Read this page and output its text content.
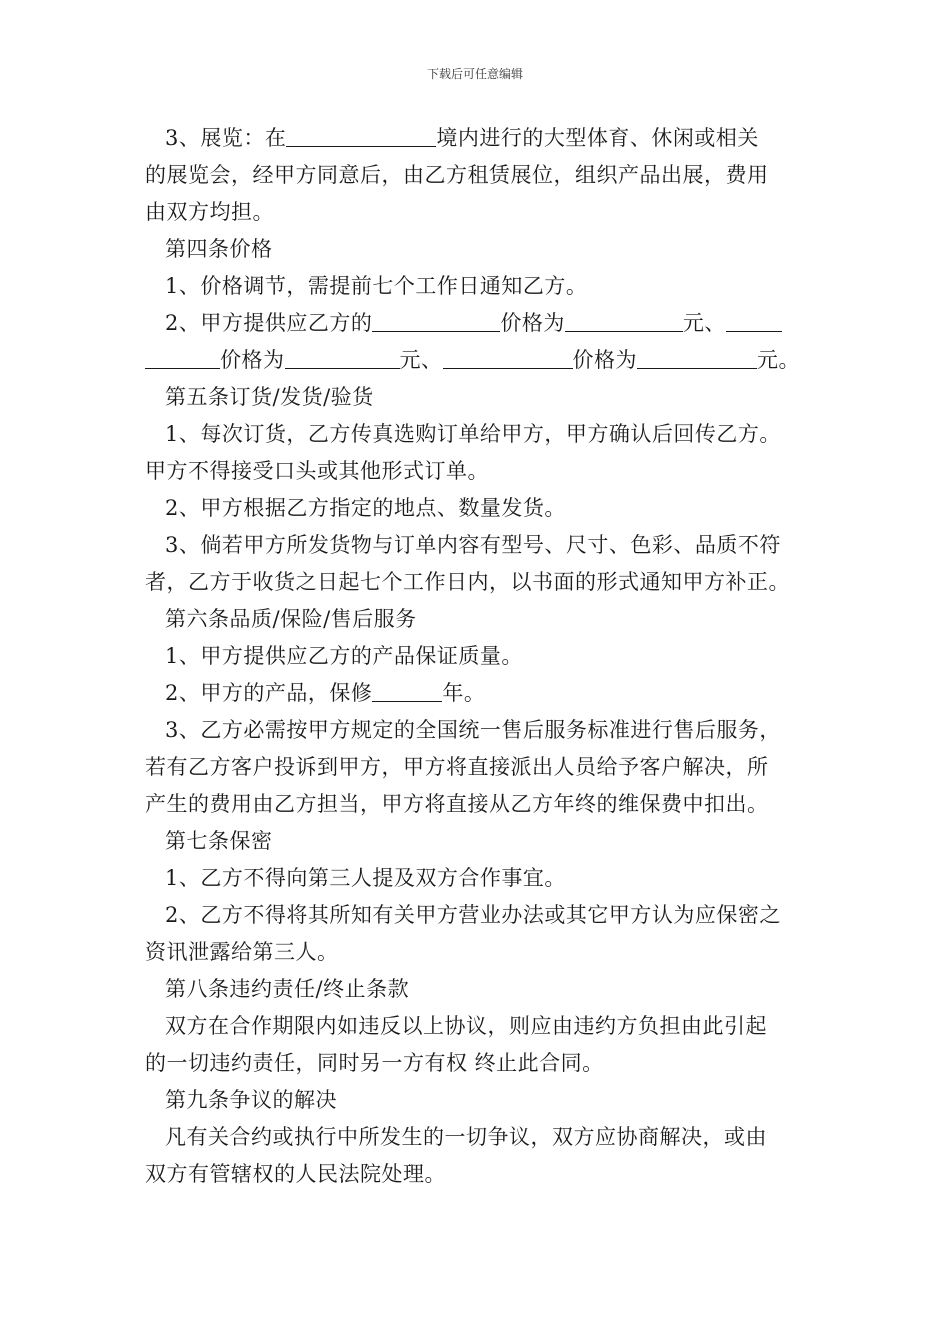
下载后可任意编辑
3、展览：在	境内进行的大型体育、休闲或相关
的展览会，经甲方同意后，由乙方租赁展位，组织产品出展，费用
由双方均担。
第四条价格
1、价格调节，需提前七个工作日通知乙方。
2、甲方提供应乙方的	价格为	元、
价格为	元、	价格为	元。
第五条订货/发货/验货
1、每次订货，乙方传真选购订单给甲方，甲方确认后回传乙方。
甲方不得接受口头或其他形式订单。
2、甲方根据乙方指定的地点、数量发货。
3、倘若甲方所发货物与订单内容有型号、尺寸、色彩、品质不符
者，乙方于收货之日起七个工作日内，以书面的形式通知甲方补正。
第六条品质/保险/售后服务
1、甲方提供应乙方的产品保证质量。
2、甲方的产品，保修	年。
3、乙方必需按甲方规定的全国统一售后服务标准进行售后服务，
若有乙方客户投诉到甲方，甲方将直接派出人员给予客户解决，所
产生的费用由乙方担当，甲方将直接从乙方年终的维保费中扣出。
第七条保密
1、乙方不得向第三人提及双方合作事宜。
2、乙方不得将其所知有关甲方营业办法或其它甲方认为应保密之
资讯泄露给第三人。
第八条违约责任/终止条款
双方在合作期限内如违反以上协议，则应由违约方负担由此引起
的一切违约责任，同时另一方有权 终止此合同。
第九条争议的解决
凡有关合约或执行中所发生的一切争议，双方应协商解决，或由
双方有管辖权的人民法院处理。
